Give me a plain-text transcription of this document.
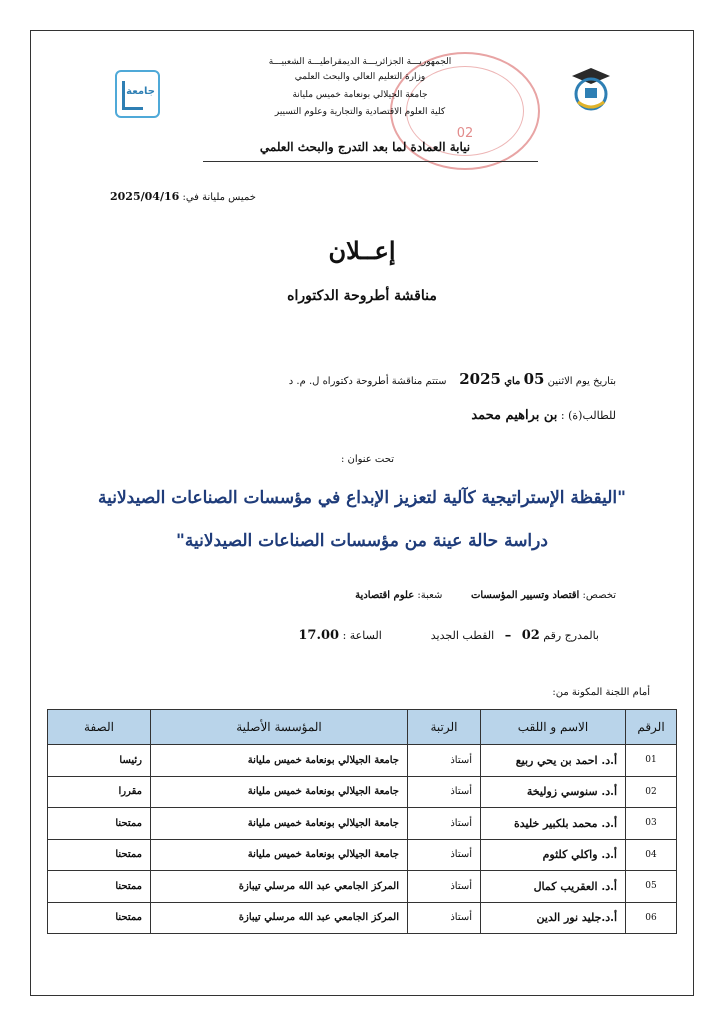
جامعة
02
الجمهوريـــة الجزائريـــة الديمقراطيـــة الشعبيـــة
وزارة التعليم العالي والبحث العلمي
جامعة الجيلالي بونعامة خميس مليانة
كلية العلوم الاقتصادية والتجارية وعلوم التسيير
نيابة العمادة لما بعد التدرج والبحث العلمي
خميس مليانة في: 2025/04/16
إعــلان
مناقشة أطروحة الدكتوراه
بتاريخ يوم الاثنين 05 ماي 2025    ستتم مناقشة أطروحة دكتوراه ل. م. د
للطالب(ة) : بن براهيم محمد
تحت عنوان :
"اليقظة الإستراتيجية كآلية لتعزيز الإبداع في مؤسسات الصناعات الصيدلانية
دراسة حالة عينة من مؤسسات الصناعات الصيدلانية"
تخصص: اقتصاد وتسيير المؤسسات         شعبة: علوم اقتصادية
بالمدرج رقم 02   –   القطب الجديد              الساعة : 17.00
أمام اللجنة المكونة من:
الرقم	الاسم و اللقب	الرتبة	المؤسسة الأصلية	الصفة
01	أ.د. احمد بن يحي ربيع	أستاذ	جامعة الجيلالي بونعامة خميس مليانة	رئيسا
02	أ.د. سنوسي زوليخة	أستاذ	جامعة الجيلالي بونعامة خميس مليانة	مقررا
03	أ.د. محمد بلكبير خليدة	أستاذ	جامعة الجيلالي بونعامة خميس مليانة	ممتحنا
04	أ.د. واكلي كلثوم	أستاذ	جامعة الجيلالي بونعامة خميس مليانة	ممتحنا
05	أ.د. العقريب كمال	أستاذ	المركز الجامعي عبد الله مرسلي تيبازة	ممتحنا
06	أ.د.جليد نور الدين	أستاذ	المركز الجامعي عبد الله مرسلي تيبازة	ممتحنا
